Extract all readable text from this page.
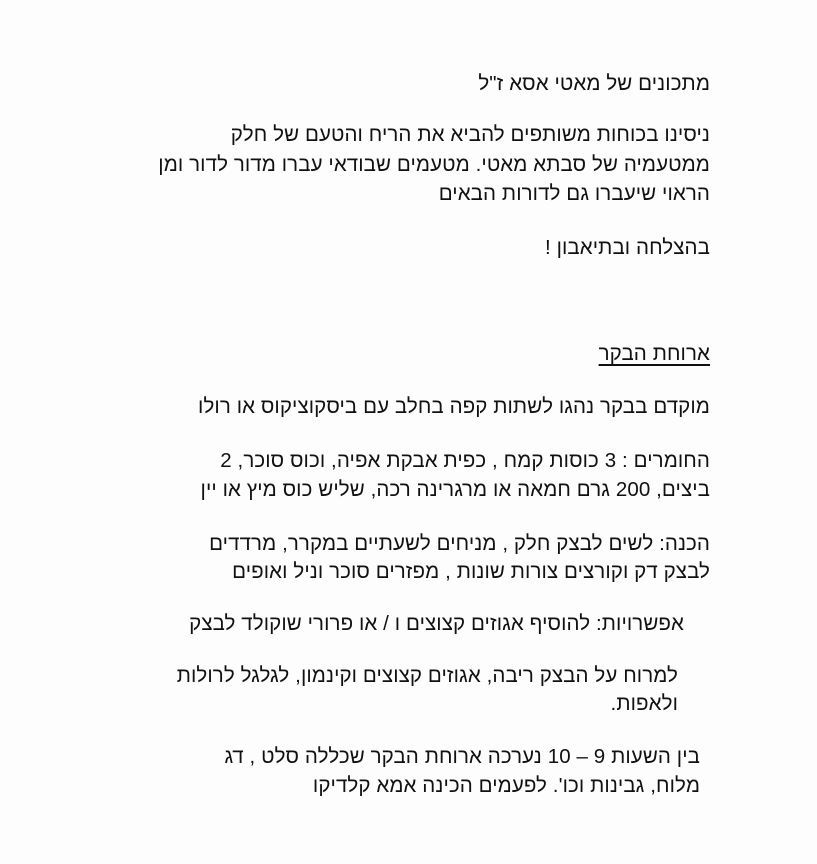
מתכונים של מאטי אסא ז"ל
ניסינו בכוחות משותפים להביא את הריח והטעם של חלק
ממטעמיה של סבתא מאטי. מטעמים שבודאי עברו מדור לדור ומן
הראוי שיעברו גם לדורות הבאים
בהצלחה ובתיאבון !
ארוחת הבקר
מוקדם בבקר נהגו לשתות קפה בחלב עם ביסקוציקוס או רולו
החומרים : 3 כוסות קמח , כפית אבקת אפיה, וכוס סוכר, 2
ביצים, 200 גרם חמאה או מרגרינה רכה, שליש כוס מיץ או יין
הכנה: לשים לבצק חלק , מניחים לשעתיים במקרר, מרדדים
לבצק דק וקורצים צורות שונות , מפזרים סוכר וניל ואופים
אפשרויות: להוסיף אגוזים קצוצים ו / או פרורי שוקולד לבצק
למרוח על הבצק ריבה, אגוזים קצוצים וקינמון, לגלגל לרולות
ולאפות.
בין השעות 9 – 10 נערכה ארוחת הבקר שכללה סלט , דג
מלוח, גבינות וכו'. לפעמים הכינה אמא קלדיקו
